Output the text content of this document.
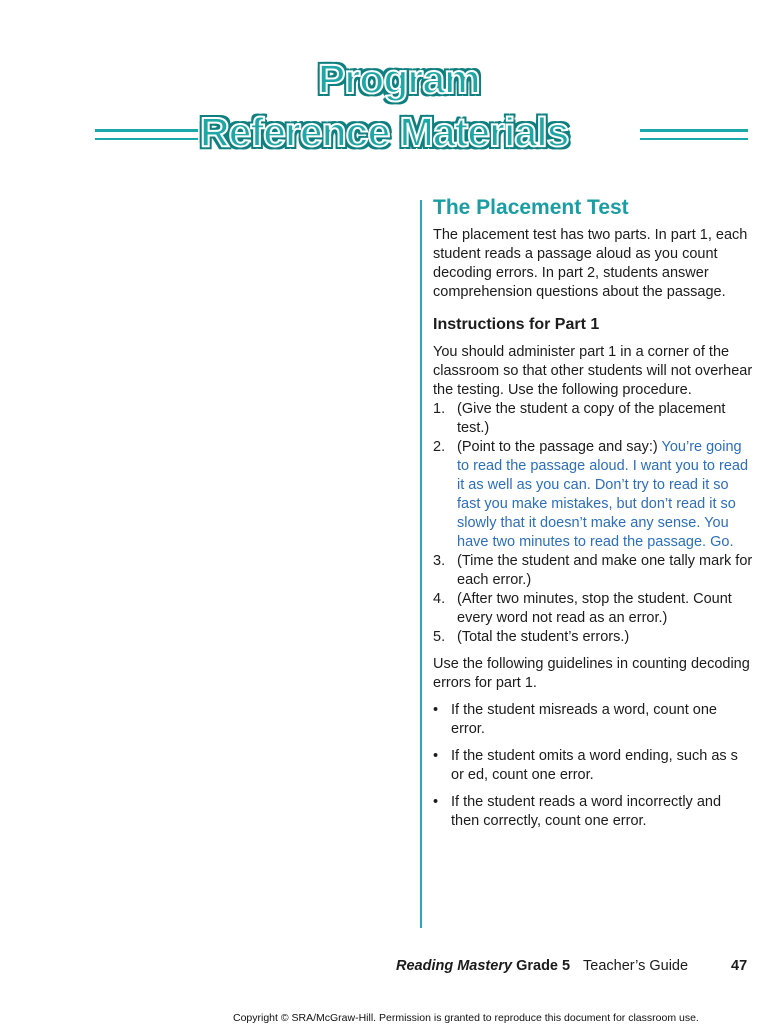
Program
Reference Materials
The Placement Test

The placement test has two parts. In part 1, each student reads a passage aloud as you count decoding errors. In part 2, students answer comprehension questions about the passage.

Instructions for Part 1

You should administer part 1 in a corner of the classroom so that other students will not overhear the testing. Use the following procedure.

1. (Give the student a copy of the placement test.)
2. (Point to the passage and say:) You’re going to read the passage aloud. I want you to read it as well as you can. Don’t try to read it so fast you make mistakes, but don’t read it so slowly that it doesn’t make any sense. You have two minutes to read the passage. Go.
3. (Time the student and make one tally mark for each error.)
4. (After two minutes, stop the student. Count every word not read as an error.)
5. (Total the student’s errors.)

Use the following guidelines in counting decoding errors for part 1.

• If the student misreads a word, count one error.
• If the student omits a word ending, such as s or ed, count one error.
• If the student reads a word incorrectly and then correctly, count one error.
Reading Mastery Grade 5 Teacher’s Guide	47
Copyright © SRA/McGraw-Hill. Permission is granted to reproduce this document for classroom use.
